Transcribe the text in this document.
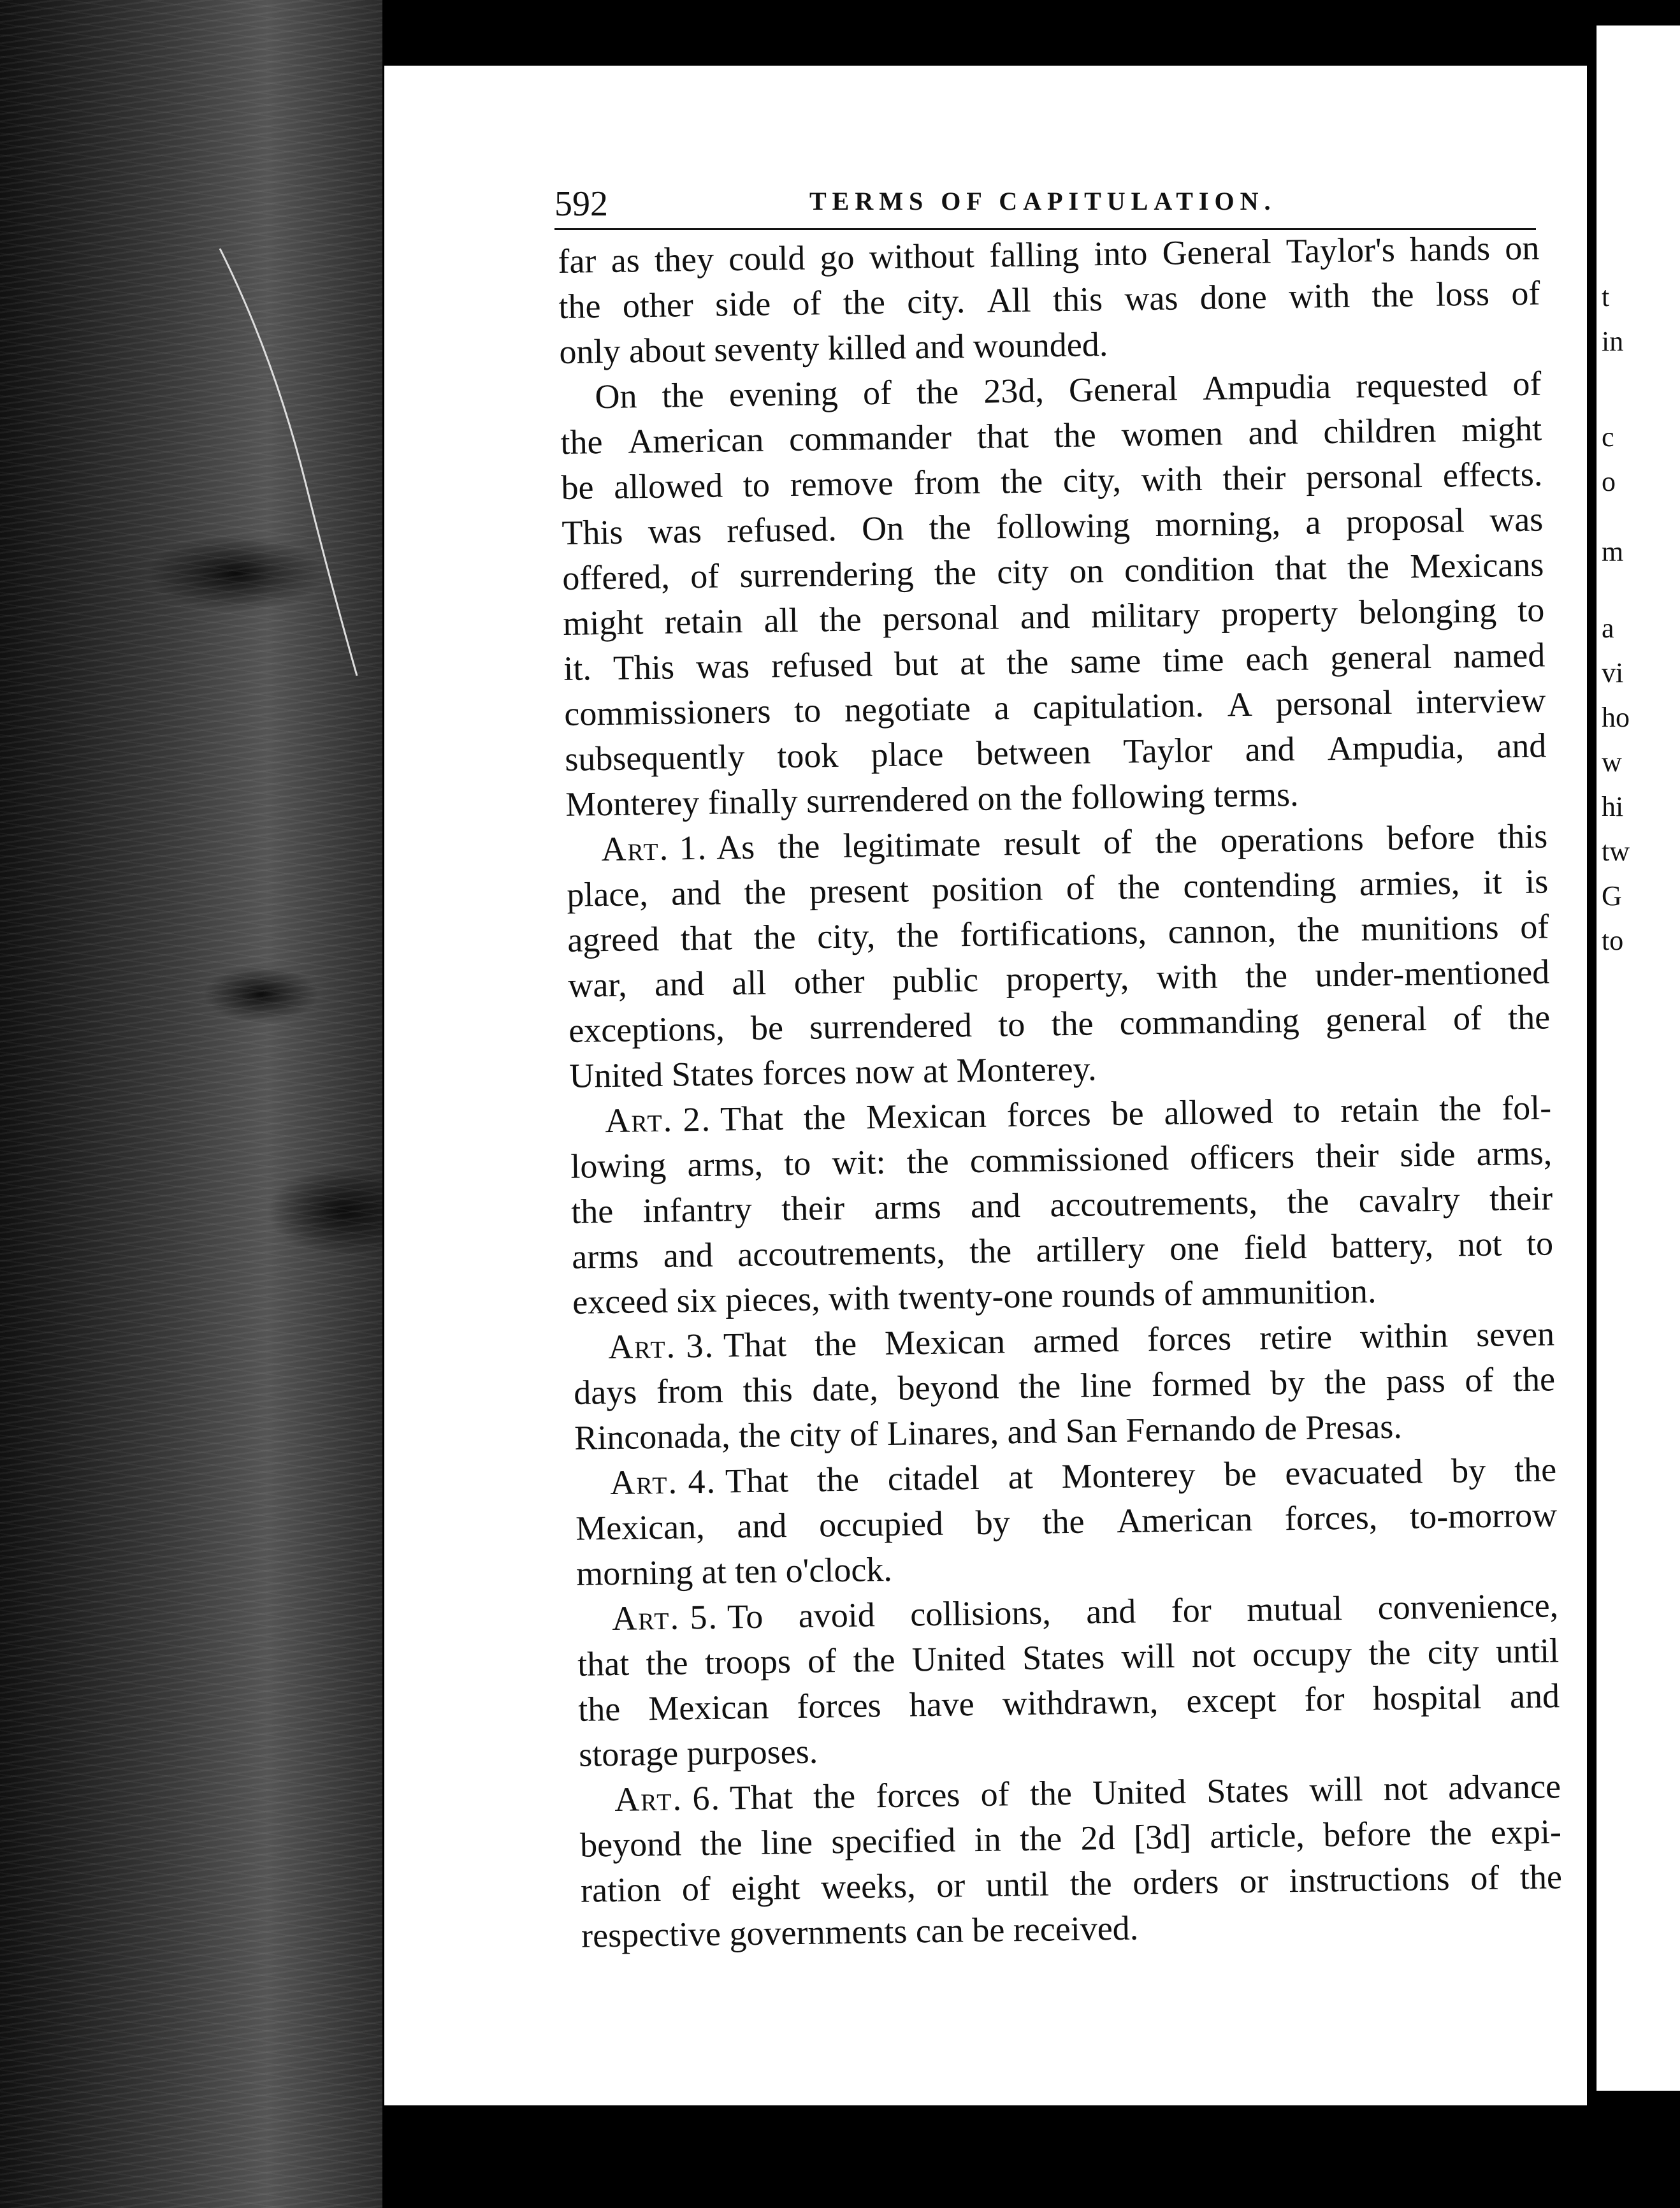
t
in
c
o
m
a
vi
ho
w
hi
tw
G
to
592	TERMS OF CAPITULATION.
far as they could go without falling into General Taylor's hands on
the other side of the city. All this was done with the loss of
only about seventy killed and wounded.
On the evening of the 23d, General Ampudia requested of
the American commander that the women and children might
be allowed to remove from the city, with their personal effects.
This was refused. On the following morning, a proposal was
offered, of surrendering the city on condition that the Mexicans
might retain all the personal and military property belonging to
it. This was refused but at the same time each general named
commissioners to negotiate a capitulation. A personal interview
subsequently took place between Taylor and Ampudia, and
Monterey finally surrendered on the following terms.
Art. 1. As the legitimate result of the operations before this
place, and the present position of the contending armies, it is
agreed that the city, the fortifications, cannon, the munitions of
war, and all other public property, with the under-mentioned
exceptions, be surrendered to the commanding general of the
United States forces now at Monterey.
Art. 2. That the Mexican forces be allowed to retain the fol-
lowing arms, to wit: the commissioned officers their side arms,
the infantry their arms and accoutrements, the cavalry their
arms and accoutrements, the artillery one field battery, not to
exceed six pieces, with twenty-one rounds of ammunition.
Art. 3. That the Mexican armed forces retire within seven
days from this date, beyond the line formed by the pass of the
Rinconada, the city of Linares, and San Fernando de Presas.
Art. 4. That the citadel at Monterey be evacuated by the
Mexican, and occupied by the American forces, to-morrow
morning at ten o'clock.
Art. 5. To avoid collisions, and for mutual convenience,
that the troops of the United States will not occupy the city until
the Mexican forces have withdrawn, except for hospital and
storage purposes.
Art. 6. That the forces of the United States will not advance
beyond the line specified in the 2d [3d] article, before the expi-
ration of eight weeks, or until the orders or instructions of the
respective governments can be received.
